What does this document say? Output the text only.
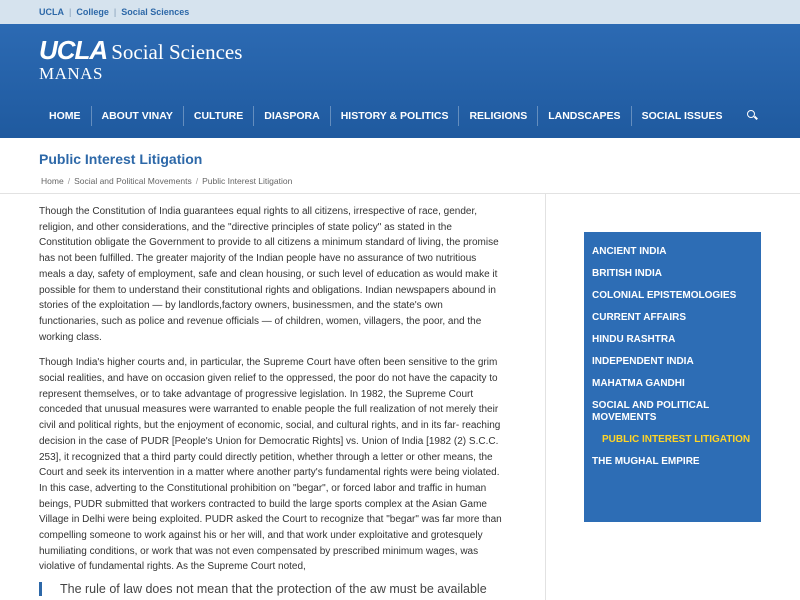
UCLA | College | Social Sciences
UCLA Social Sciences
MANAS
HOME	ABOUT VINAY	CULTURE	DIASPORA	HISTORY & POLITICS	RELIGIONS	LANDSCAPES	SOCIAL ISSUES
Public Interest Litigation
Home / Social and Political Movements / Public Interest Litigation

Though the Constitution of India guarantees equal rights to all citizens, irrespective of race, gender, religion, and other considerations, and the "directive principles of state policy" as stated in the Constitution obligate the Government to provide to all citizens a minimum standard of living, the promise has not been fulfilled. The greater majority of the Indian people have no assurance of two nutritious meals a day, safety of employment, safe and clean housing, or such level of education as would make it possible for them to understand their constitutional rights and obligations. Indian newspapers abound in stories of the exploitation — by landlords,factory owners, businessmen, and the state's own functionaries, such as police and revenue officials — of children, women, villagers, the poor, and the working class.

Though India's higher courts and, in particular, the Supreme Court have often been sensitive to the grim social realities, and have on occasion given relief to the oppressed, the poor do not have the capacity to represent themselves, or to take advantage of progressive legislation. In 1982, the Supreme Court conceded that unusual measures were warranted to enable people the full realization of not merely their civil and political rights, but the enjoyment of economic, social, and cultural rights, and in its far- reaching decision in the case of PUDR [People's Union for Democratic Rights] vs. Union of India [1982 (2) S.C.C. 253], it recognized that a third party could directly petition, whether through a letter or other means, the Court and seek its intervention in a matter where another party's fundamental rights were being violated. In this case, adverting to the Constitutional prohibition on "begar", or forced labor and traffic in human beings, PUDR submitted that workers contracted to build the large sports complex at the Asian Game Village in Delhi were being exploited. PUDR asked the Court to recognize that "begar" was far more than compelling someone to work against his or her will, and that work under exploitative and grotesquely humiliating conditions, or work that was not even compensated by prescribed minimum wages, was violative of fundamental rights. As the Supreme Court noted,

The rule of law does not mean that the protection of the aw must be available
ANCIENT INDIA
BRITISH INDIA
COLONIAL EPISTEMOLOGIES
CURRENT AFFAIRS
HINDU RASHTRA
INDEPENDENT INDIA
MAHATMA GANDHI
SOCIAL AND POLITICAL MOVEMENTS
PUBLIC INTEREST LITIGATION
THE MUGHAL EMPIRE
